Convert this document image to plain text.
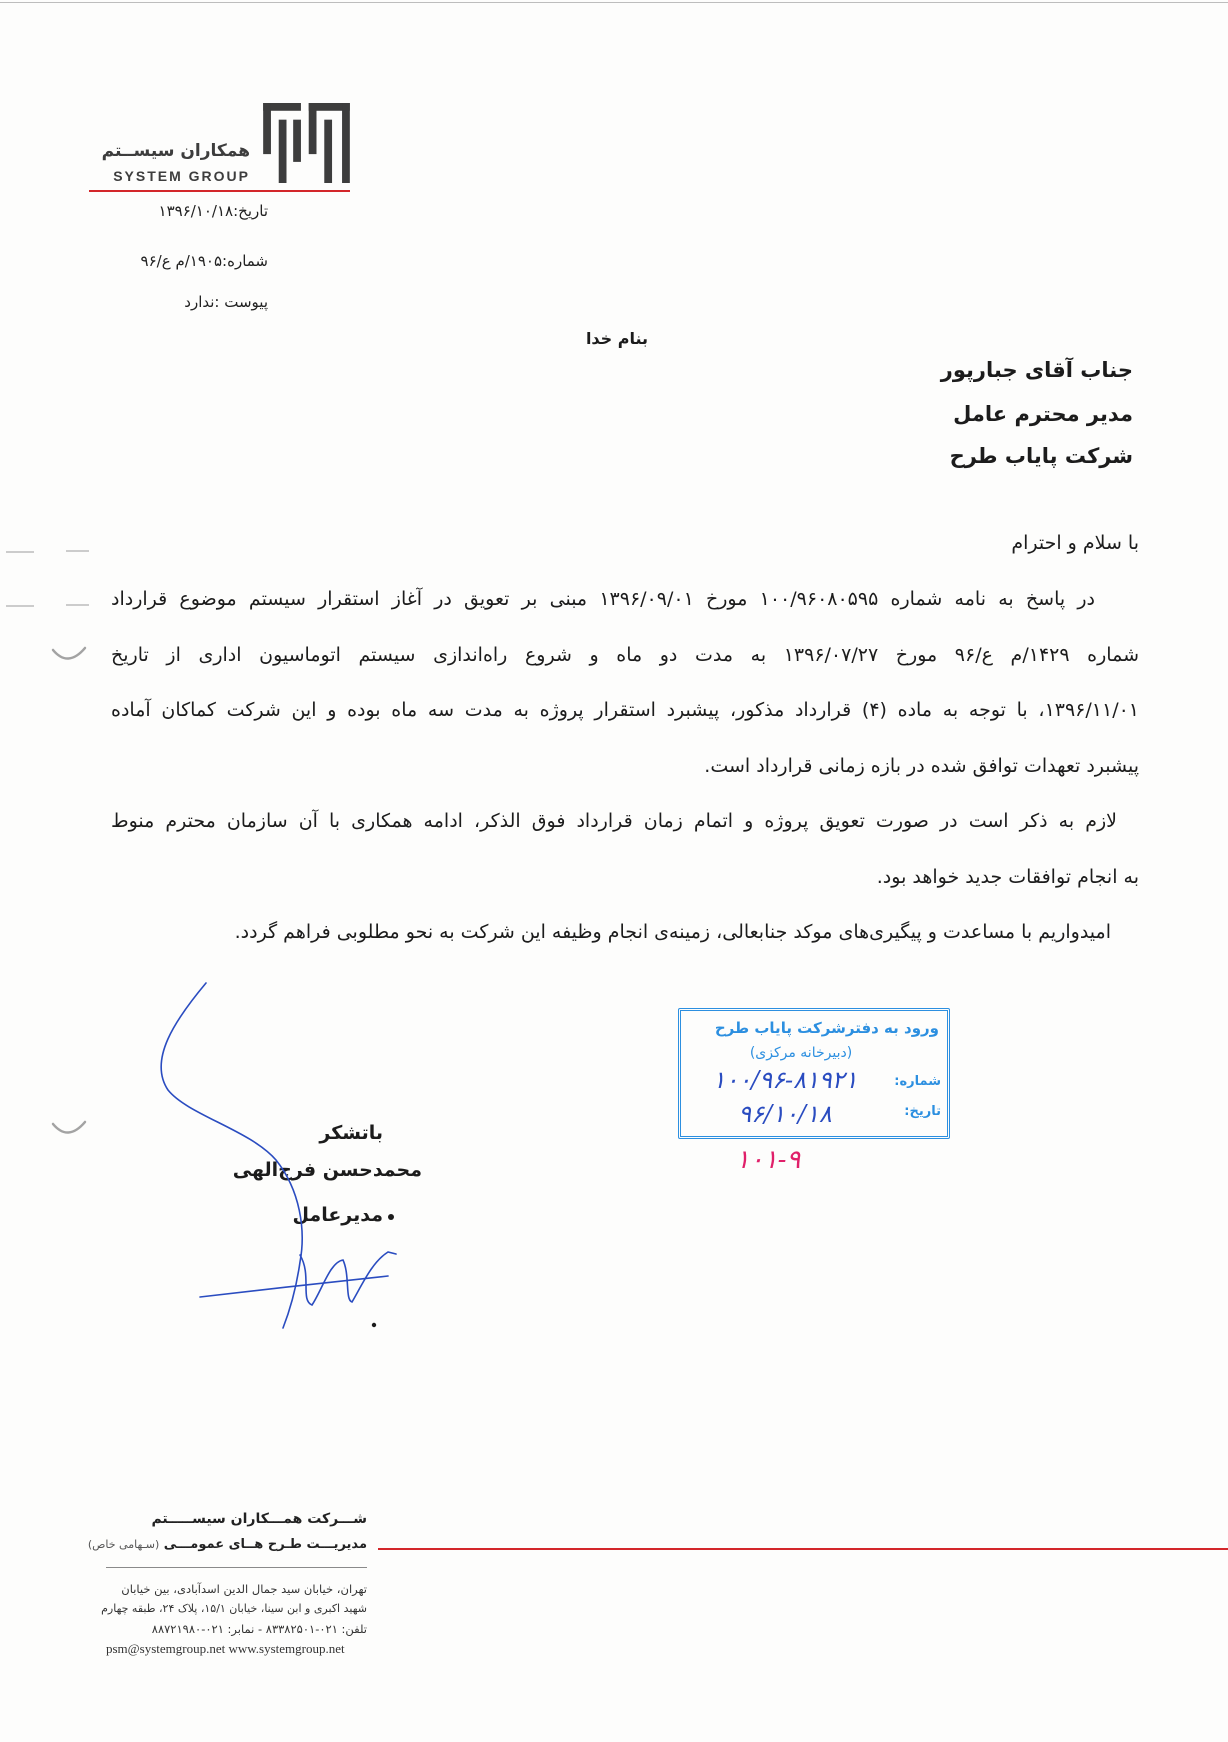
همکاران سیســتم
SYSTEM GROUP
تاریخ:۱۳۹۶/۱۰/۱۸
شماره:۱۹۰۵/م ع/۹۶
پیوست :ندارد
بنام خدا
جناب آقای جبارپور
مدیر محترم عامل
شرکت پایاب طرح
با سلام و احترام
در پاسخ به نامه شماره ۱۰۰/۹۶۰۸۰۵۹۵ مورخ ۱۳۹۶/۰۹/۰۱ مبنی بر تعویق در آغاز استقرار سیستم موضوع قرارداد
شماره ۱۴۲۹/م ع/۹۶ مورخ ۱۳۹۶/۰۷/۲۷ به مدت دو ماه و شروع راه‌اندازی سیستم اتوماسیون اداری از تاریخ
۱۳۹۶/۱۱/۰۱، با توجه به ماده (۴) قرارداد مذکور، پیشبرد استقرار پروژه به مدت سه ماه بوده و این شرکت کماکان آماده
پیشبرد تعهدات توافق شده در بازه زمانی قرارداد است.
لازم به ذکر است در صورت تعویق پروژه و اتمام زمان قرارداد فوق الذکر، ادامه همکاری با آن سازمان محترم منوط
به انجام توافقات جدید خواهد بود.
امیدواریم با مساعدت و پیگیری‌های موکد جنابعالی، زمینه‌ی انجام وظیفه این شرکت به نحو مطلوبی فراهم گردد.
ورود به دفترشرکت پایاب طرح
(دبیرخانه مرکزی)
شماره:
۱۰۰/۹۶-۸۱۹۲۱
تاریخ:
۹۶/۱۰/۱۸
۱۰۱-۹
باتشکر
محمدحسن فرج‌الهی
مدیرعامل
شـــرکت همـــکاران سیســـــتم
مدیریـــت طـرح هــای عمومـــی (سـهامی خاص)
تهران، خیابان سید جمال الدین اسدآبادی، بین خیابان
شهید اکبری و ابن سینا، خیابان ۱۵/۱، پلاک ۲۴، طبقه چهارم
تلفن: ۰۲۱-۸۳۳۸۲۵۰۱ - نمابر: ۰۲۱-۸۸۷۲۱۹۸۰
psm@systemgroup.net www.systemgroup.net
